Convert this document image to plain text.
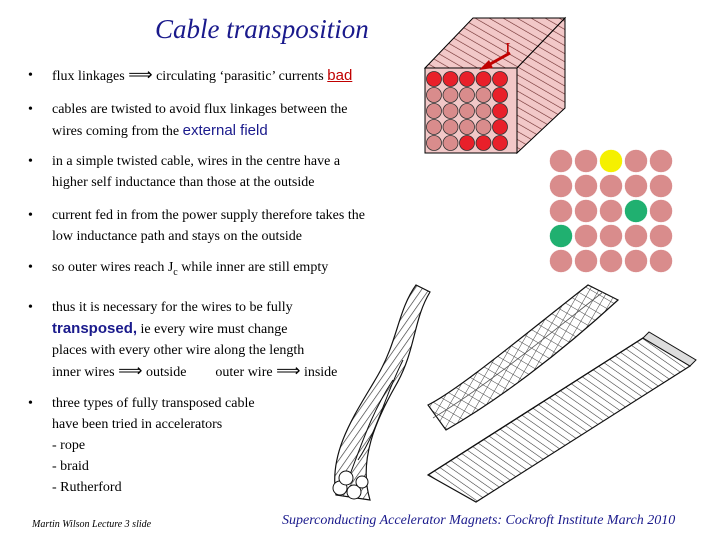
Cable transposition
• flux linkages ⟹ circulating ‘parasitic’ currents bad
• cables are twisted to avoid flux linkages between the
wires coming from the external field
• in a simple twisted cable, wires in the centre have a
higher self inductance than those at the outside
• current fed in from the power supply therefore takes the
low inductance path and stays on the outside
• so outer wires reach $J_c$ while inner are still empty
• thus it is necessary for the wires to be fully
transposed, ie every wire must change
places with every other wire along the length
inner wires ⟹ outside outer wire ⟹ inside
• three types of fully transposed cable
have been tried in accelerators
- rope
- braid
- Rutherford
I
Martin Wilson Lecture 3 slide	Superconducting Accelerator Magnets: Cockroft Institute March 2010
